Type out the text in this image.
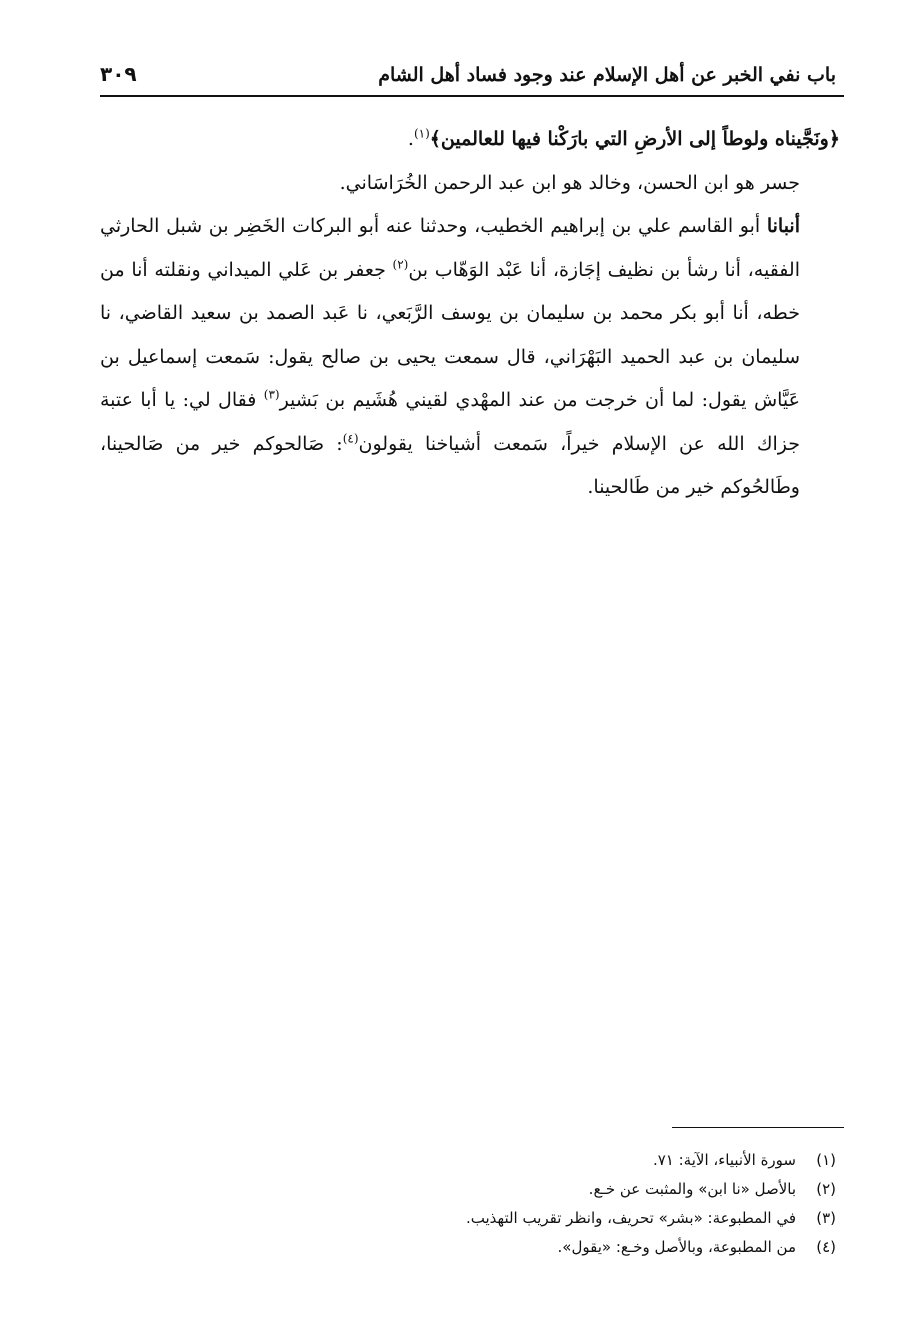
باب نفي الخبر عن أهل الإسلام عند وجود فساد أهل الشام
٣٠٩

﴿ونَجَّيناه ولوطاً إلى الأرضِ التي بارَكْنا فيها للعالمين﴾$^{(١)}$.

جسر هو ابن الحسن، وخالد هو ابن عبد الرحمن الخُرَاسَاني.

أنبانا أبو القاسم علي بن إبراهيم الخطيب، وحدثنا عنه أبو البركات الخَضِر بن شبل الحارثي الفقيه، أنا رشأ بن نظيف إجَازة، أنا عَبْد الوَهّاب بن$^{(٢)}$ جعفر بن عَلي الميداني ونقلته أنا من خطه، أنا أبو بكر محمد بن سليمان بن يوسف الرَّبَعي، نا عَبد الصمد بن سعيد القاضي، نا سليمان بن عبد الحميد البَهْرَاني، قال سمعت يحيى بن صالح يقول: سَمعت إسماعيل بن عَيَّاش يقول: لما أن خرجت من عند المهْدي لقيني هُشَيم بن بَشير$^{(٣)}$ فقال لي: يا أبا عتبة جزاك الله عن الإسلام خيراً، سَمعت أشياخنا يقولون$^{(٤)}$: صَالحوكم خير من صَالحينا، وطَالحُوكم خير من طَالحينا.

(١)سورة الأنبياء، الآية: ٧١.
(٢)بالأصل «نا ابن» والمثبت عن خـع.
(٣)في المطبوعة: «بشر» تحريف، وانظر تقريب التهذيب.
(٤)من المطبوعة، وبالأصل وخـع: «يقول».
